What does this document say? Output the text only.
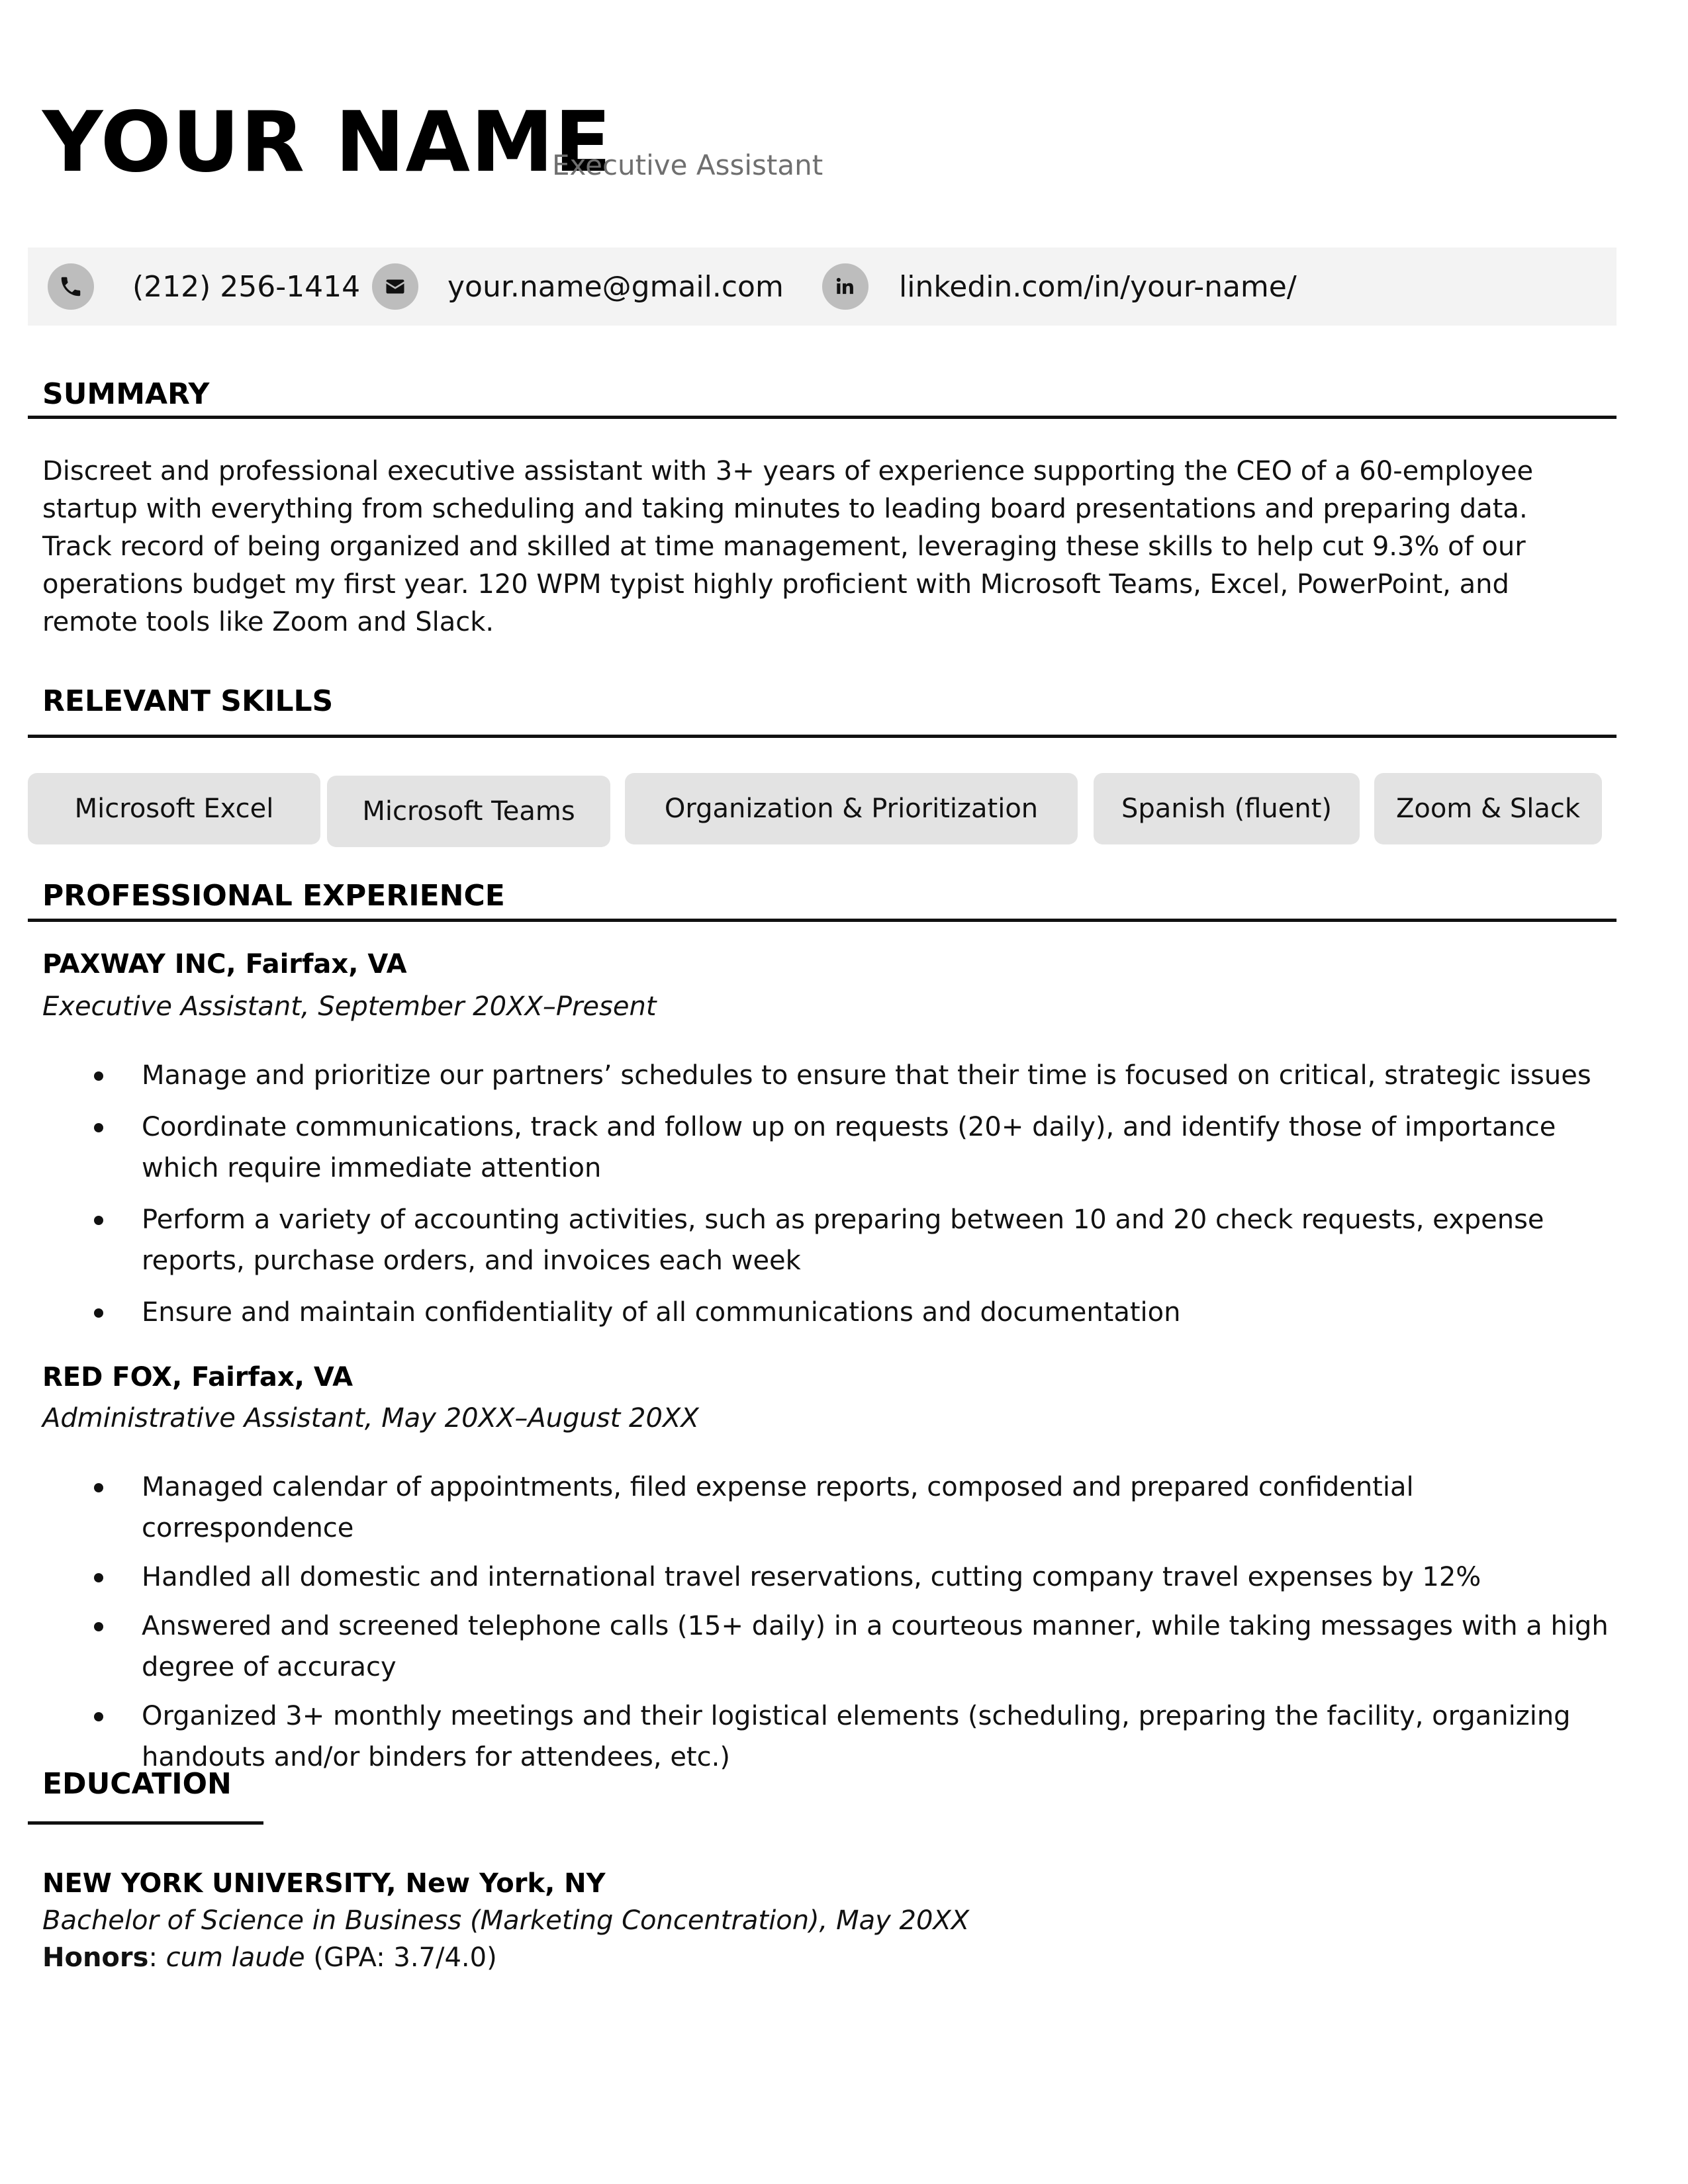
YOUR NAME
Executive Assistant
(212) 256-1414	your.name@gmail.com	linkedin.com/in/your-name/
SUMMARY

Discreet and professional executive assistant with 3+ years of experience supporting the CEO of a 60-employee startup with everything from scheduling and taking minutes to leading board presentations and preparing data. Track record of being organized and skilled at time management, leveraging these skills to help cut 9.3% of our operations budget my first year. 120 WPM typist highly proficient with Microsoft Teams, Excel, PowerPoint, and remote tools like Zoom and Slack.

RELEVANT SKILLS
Microsoft Excel	Microsoft Teams	Organization & Prioritization	Spanish (fluent)	Zoom & Slack
PROFESSIONAL EXPERIENCE
PAXWAY INC, Fairfax, VA
Executive Assistant, September 20XX–Present
Manage and prioritize our partners’ schedules to ensure that their time is focused on critical, strategic issues
Coordinate communications, track and follow up on requests (20+ daily), and identify those of importance which require immediate attention
Perform a variety of accounting activities, such as preparing between 10 and 20 check requests, expense reports, purchase orders, and invoices each week
Ensure and maintain confidentiality of all communications and documentation
RED FOX, Fairfax, VA
Administrative Assistant, May 20XX–August 20XX
Managed calendar of appointments, filed expense reports, composed and prepared confidential correspondence
Handled all domestic and international travel reservations, cutting company travel expenses by 12%
Answered and screened telephone calls (15+ daily) in a courteous manner, while taking messages with a high degree of accuracy
Organized 3+ monthly meetings and their logistical elements (scheduling, preparing the facility, organizing handouts and/or binders for attendees, etc.)
EDUCATION
NEW YORK UNIVERSITY, New York, NY
Bachelor of Science in Business (Marketing Concentration), May 20XX
Honors: cum laude (GPA: 3.7/4.0)
